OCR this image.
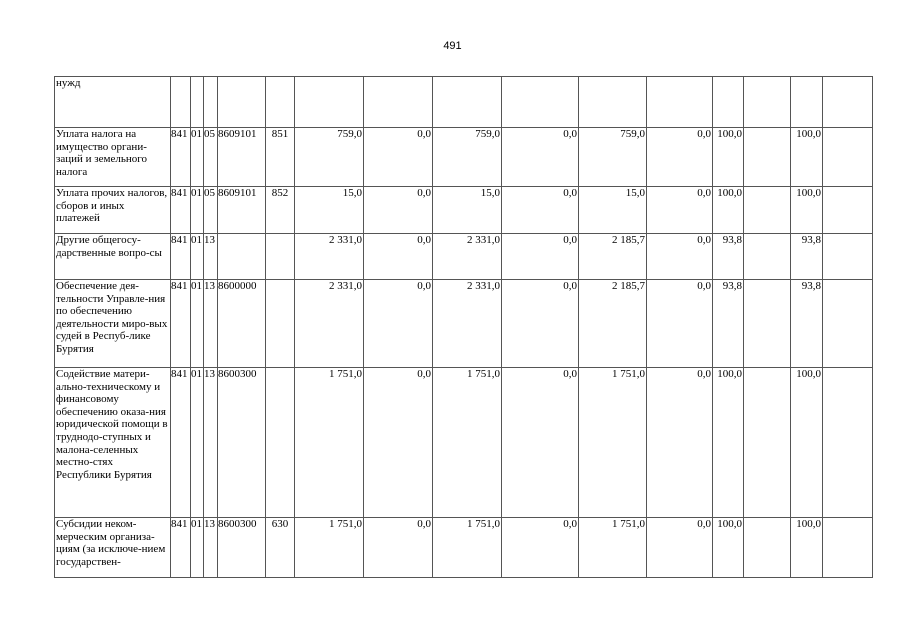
491
нужд															
Уплата налога на имущество органи-заций и земельного налога	841	01	05	8609101	851	759,0	0,0	759,0	0,0	759,0	0,0	100,0		100,0	
Уплата прочих налогов, сборов и иных платежей	841	01	05	8609101	852	15,0	0,0	15,0	0,0	15,0	0,0	100,0		100,0	
Другие общегосу-дарственные вопро-сы	841	01	13			2 331,0	0,0	2 331,0	0,0	2 185,7	0,0	93,8		93,8	
Обеспечение дея-тельности Управле-ния по обеспечению деятельности миро-вых судей в Респуб-лике Бурятия	841	01	13	8600000		2 331,0	0,0	2 331,0	0,0	2 185,7	0,0	93,8		93,8	
Содействие матери-ально-техническому и финансовому обеспечению оказа-ния юридической помощи в труднодо-ступных и малона-селенных местно-стях Республики Бурятия	841	01	13	8600300		1 751,0	0,0	1 751,0	0,0	1 751,0	0,0	100,0		100,0	
Субсидии неком-мерческим организа-циям (за исключе-нием государствен-	841	01	13	8600300	630	1 751,0	0,0	1 751,0	0,0	1 751,0	0,0	100,0		100,0	
